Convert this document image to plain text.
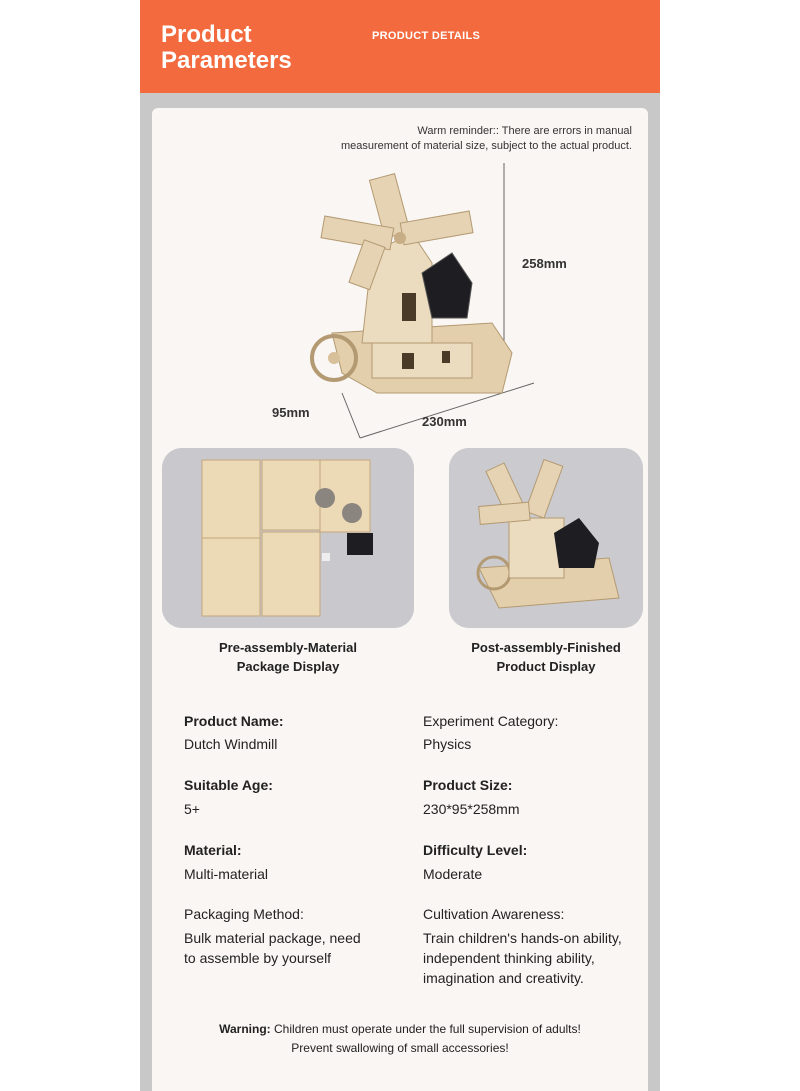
Product
Parameters
PRODUCT DETAILS
Warm reminder:: There are errors in manual
measurement of material size, subject to the actual product.
258mm
95mm
230mm
Pre-assembly-Material
Package Display
Post-assembly-Finished
Product Display
Product Name:
Dutch Windmill
Experiment Category:
Physics
Suitable Age:
5+
Product Size:
230*95*258mm
Material:
Multi-material
Difficulty Level:
Moderate
Packaging Method:
Bulk material package, need
to assemble by yourself
Cultivation Awareness:
Train children's hands-on ability,
independent thinking ability,
imagination and creativity.
Warning: Children must operate under the full supervision of adults!
Prevent swallowing of small accessories!
